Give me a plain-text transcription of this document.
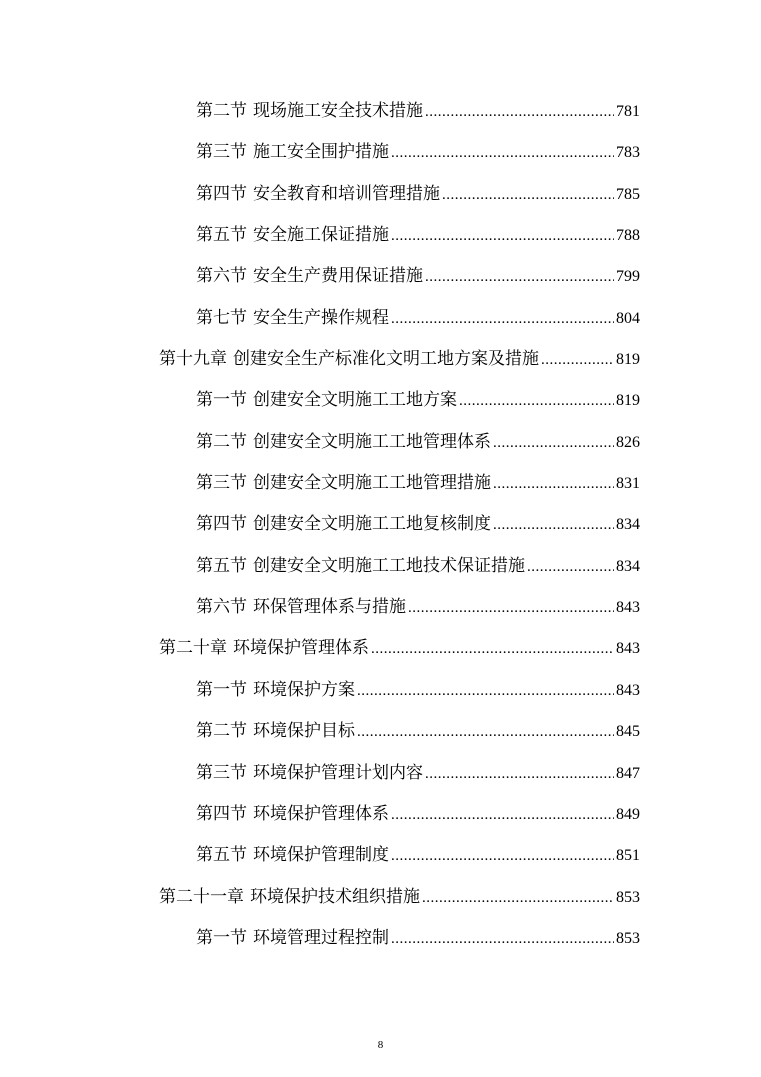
第二节 现场施工安全技术措施 .....	781
第三节 施工安全围护措施 .....	783
第四节 安全教育和培训管理措施 .....	785
第五节 安全施工保证措施 .....	788
第六节 安全生产费用保证措施 .....	799
第七节 安全生产操作规程 .....	804
第十九章 创建安全生产标准化文明工地方案及措施 .....	819
第一节 创建安全文明施工工地方案 .....	819
第二节 创建安全文明施工工地管理体系 .....	826
第三节 创建安全文明施工工地管理措施 .....	831
第四节 创建安全文明施工工地复核制度 .....	834
第五节 创建安全文明施工工地技术保证措施 .....	834
第六节 环保管理体系与措施 .....	843
第二十章 环境保护管理体系 .....	843
第一节 环境保护方案 .....	843
第二节 环境保护目标 .....	845
第三节 环境保护管理计划内容 .....	847
第四节 环境保护管理体系 .....	849
第五节 环境保护管理制度 .....	851
第二十一章 环境保护技术组织措施 .....	853
第一节 环境管理过程控制 .....	853
8
